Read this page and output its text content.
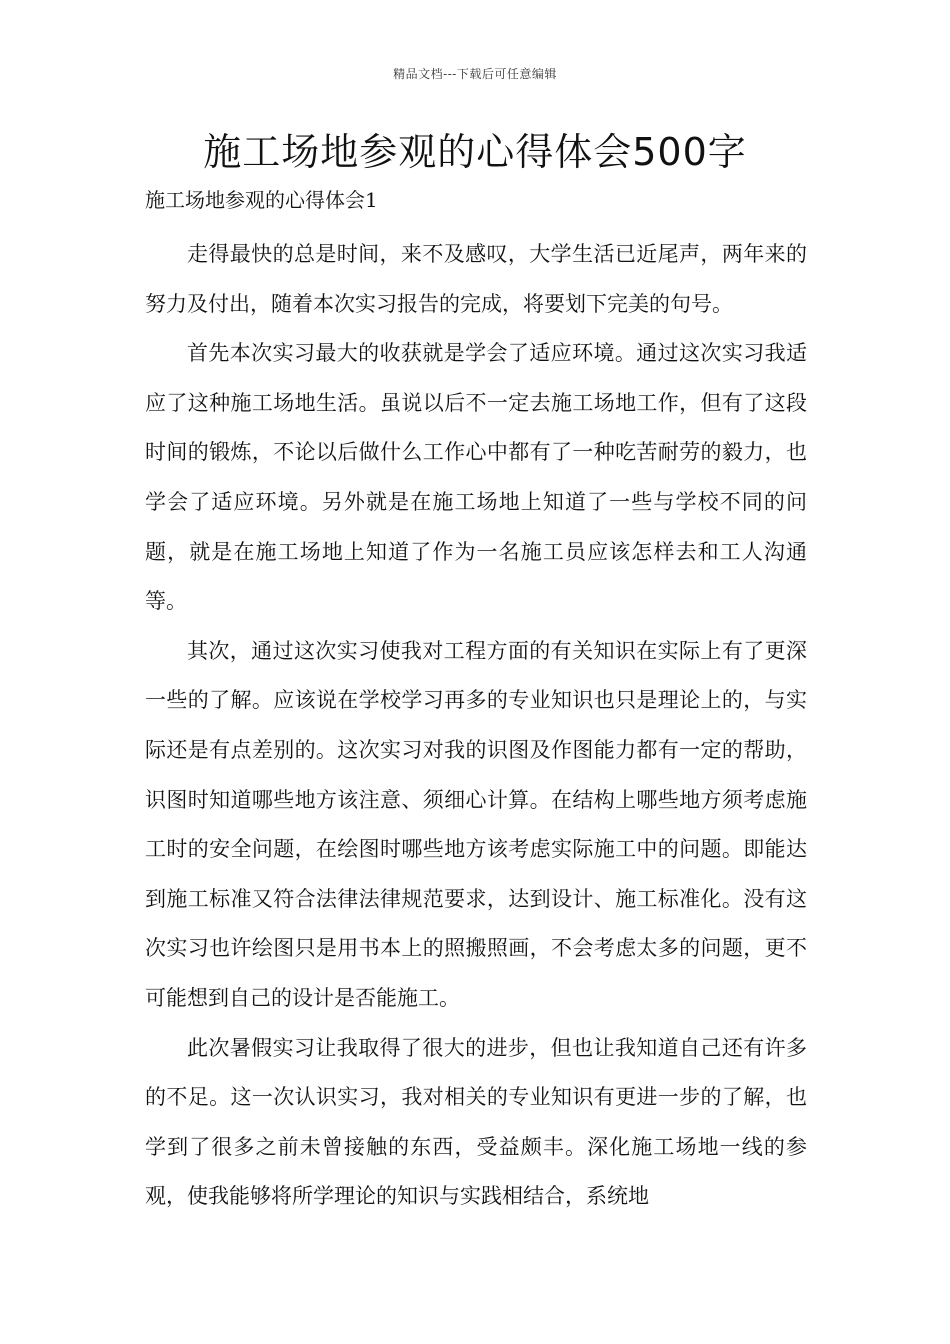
精品文档---下载后可任意编辑
施工场地参观的心得体会500字
施工场地参观的心得体会1

走得最快的总是时间，来不及感叹，大学生活已近尾声，两年来的努力及付出，随着本次实习报告的完成，将要划下完美的句号。

首先本次实习最大的收获就是学会了适应环境。通过这次实习我适应了这种施工场地生活。虽说以后不一定去施工场地工作，但有了这段时间的锻炼，不论以后做什么工作心中都有了一种吃苦耐劳的毅力，也学会了适应环境。另外就是在施工场地上知道了一些与学校不同的问题，就是在施工场地上知道了作为一名施工员应该怎样去和工人沟通等。

其次，通过这次实习使我对工程方面的有关知识在实际上有了更深一些的了解。应该说在学校学习再多的专业知识也只是理论上的，与实际还是有点差别的。这次实习对我的识图及作图能力都有一定的帮助，识图时知道哪些地方该注意、须细心计算。在结构上哪些地方须考虑施工时的安全问题，在绘图时哪些地方该考虑实际施工中的问题。即能达到施工标准又符合法律法律规范要求，达到设计、施工标准化。没有这次实习也许绘图只是用书本上的照搬照画，不会考虑太多的问题，更不可能想到自己的设计是否能施工。

此次暑假实习让我取得了很大的进步，但也让我知道自己还有许多的不足。这一次认识实习，我对相关的专业知识有更进一步的了解，也学到了很多之前未曾接触的东西，受益颇丰。深化施工场地一线的参观，使我能够将所学理论的知识与实践相结合，系统地
